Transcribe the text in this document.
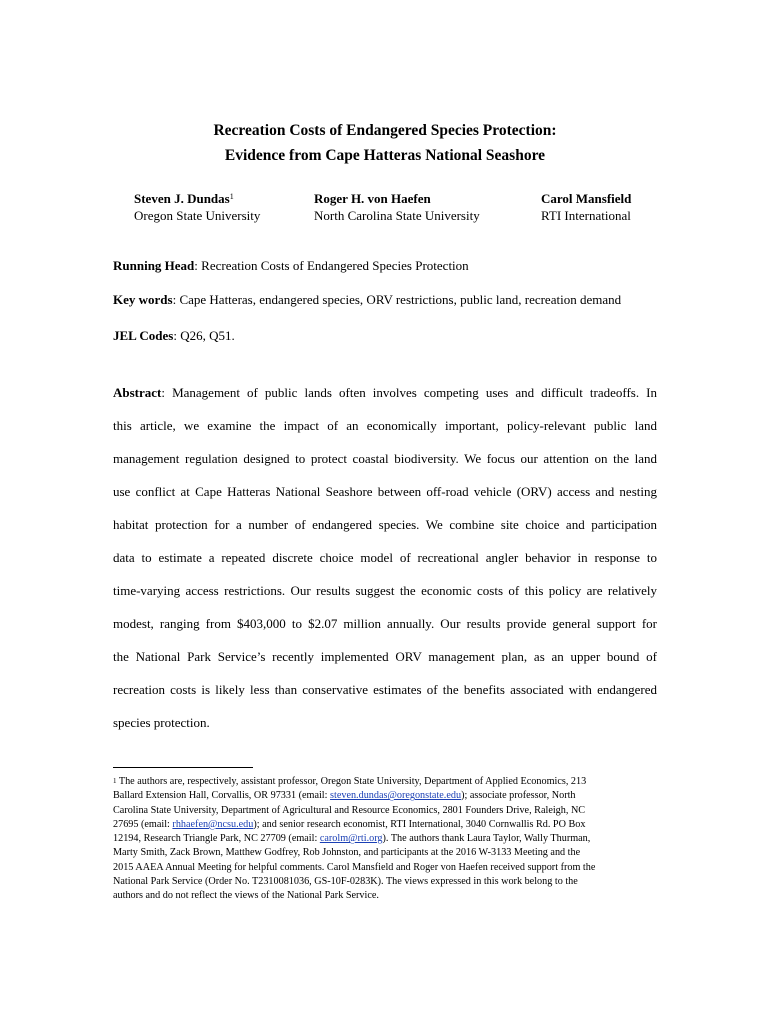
Recreation Costs of Endangered Species Protection:
Evidence from Cape Hatteras National Seashore
Steven J. Dundas$^1$
Oregon State University
Roger H. von Haefen
North Carolina State University
Carol Mansfield
RTI International
Running Head: Recreation Costs of Endangered Species Protection
Key words: Cape Hatteras, endangered species, ORV restrictions, public land, recreation demand
JEL Codes: Q26, Q51.
Abstract: Management of public lands often involves competing uses and difficult tradeoffs. In
this article, we examine the impact of an economically important, policy-relevant public land
management regulation designed to protect coastal biodiversity. We focus our attention on the land
use conflict at Cape Hatteras National Seashore between off-road vehicle (ORV) access and nesting
habitat protection for a number of endangered species. We combine site choice and participation
data to estimate a repeated discrete choice model of recreational angler behavior in response to
time-varying access restrictions. Our results suggest the economic costs of this policy are relatively
modest, ranging from $403,000 to $2.07 million annually. Our results provide general support for
the National Park Service’s recently implemented ORV management plan, as an upper bound of
recreation costs is likely less than conservative estimates of the benefits associated with endangered
species protection.
$^1$ The authors are, respectively, assistant professor, Oregon State University, Department of Applied Economics, 213
Ballard Extension Hall, Corvallis, OR 97331 (email: steven.dundas@oregonstate.edu); associate professor, North
Carolina State University, Department of Agricultural and Resource Economics, 2801 Founders Drive, Raleigh, NC
27695 (email: rhhaefen@ncsu.edu); and senior research economist, RTI International, 3040 Cornwallis Rd. PO Box
12194, Research Triangle Park, NC 27709 (email: carolm@rti.org). The authors thank Laura Taylor, Wally Thurman,
Marty Smith, Zack Brown, Matthew Godfrey, Rob Johnston, and participants at the 2016 W-3133 Meeting and the
2015 AAEA Annual Meeting for helpful comments. Carol Mansfield and Roger von Haefen received support from the
National Park Service (Order No. T2310081036, GS-10F-0283K). The views expressed in this work belong to the
authors and do not reflect the views of the National Park Service.
